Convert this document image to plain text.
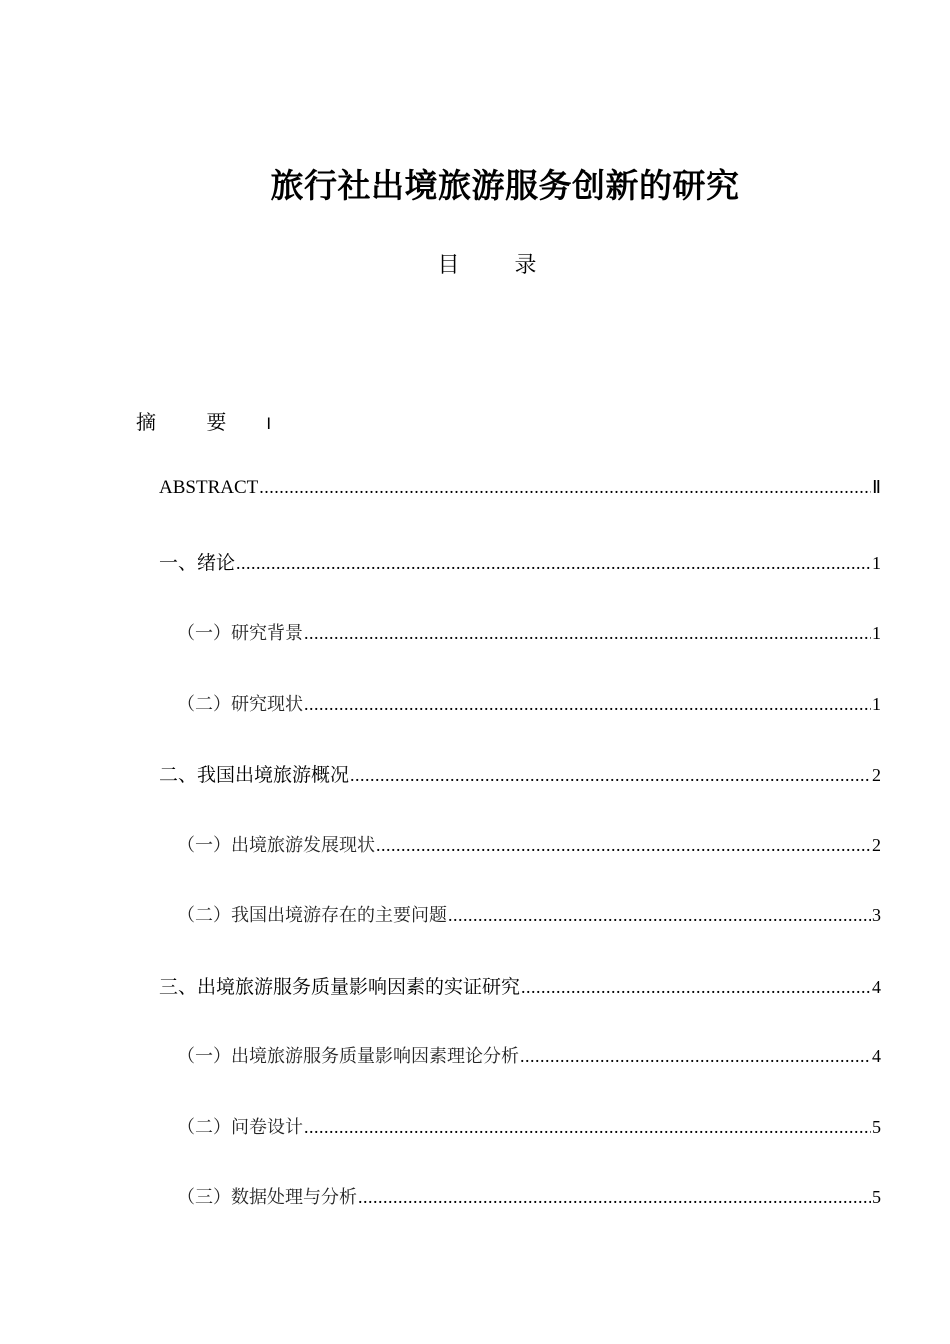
旅行社出境旅游服务创新的研究
目 录
摘 要 Ⅰ
ABSTRACT .....	Ⅱ
一、绪论 .....	1
（一）研究背景 .....	1
（二）研究现状 .....	1
二、我国出境旅游概况 .....	2
（一）出境旅游发展现状 .....	2
（二）我国出境游存在的主要问题 .....	3
三、出境旅游服务质量影响因素的实证研究 .....	4
（一）出境旅游服务质量影响因素理论分析 .....	4
（二）问卷设计 .....	5
（三）数据处理与分析 .....	5
